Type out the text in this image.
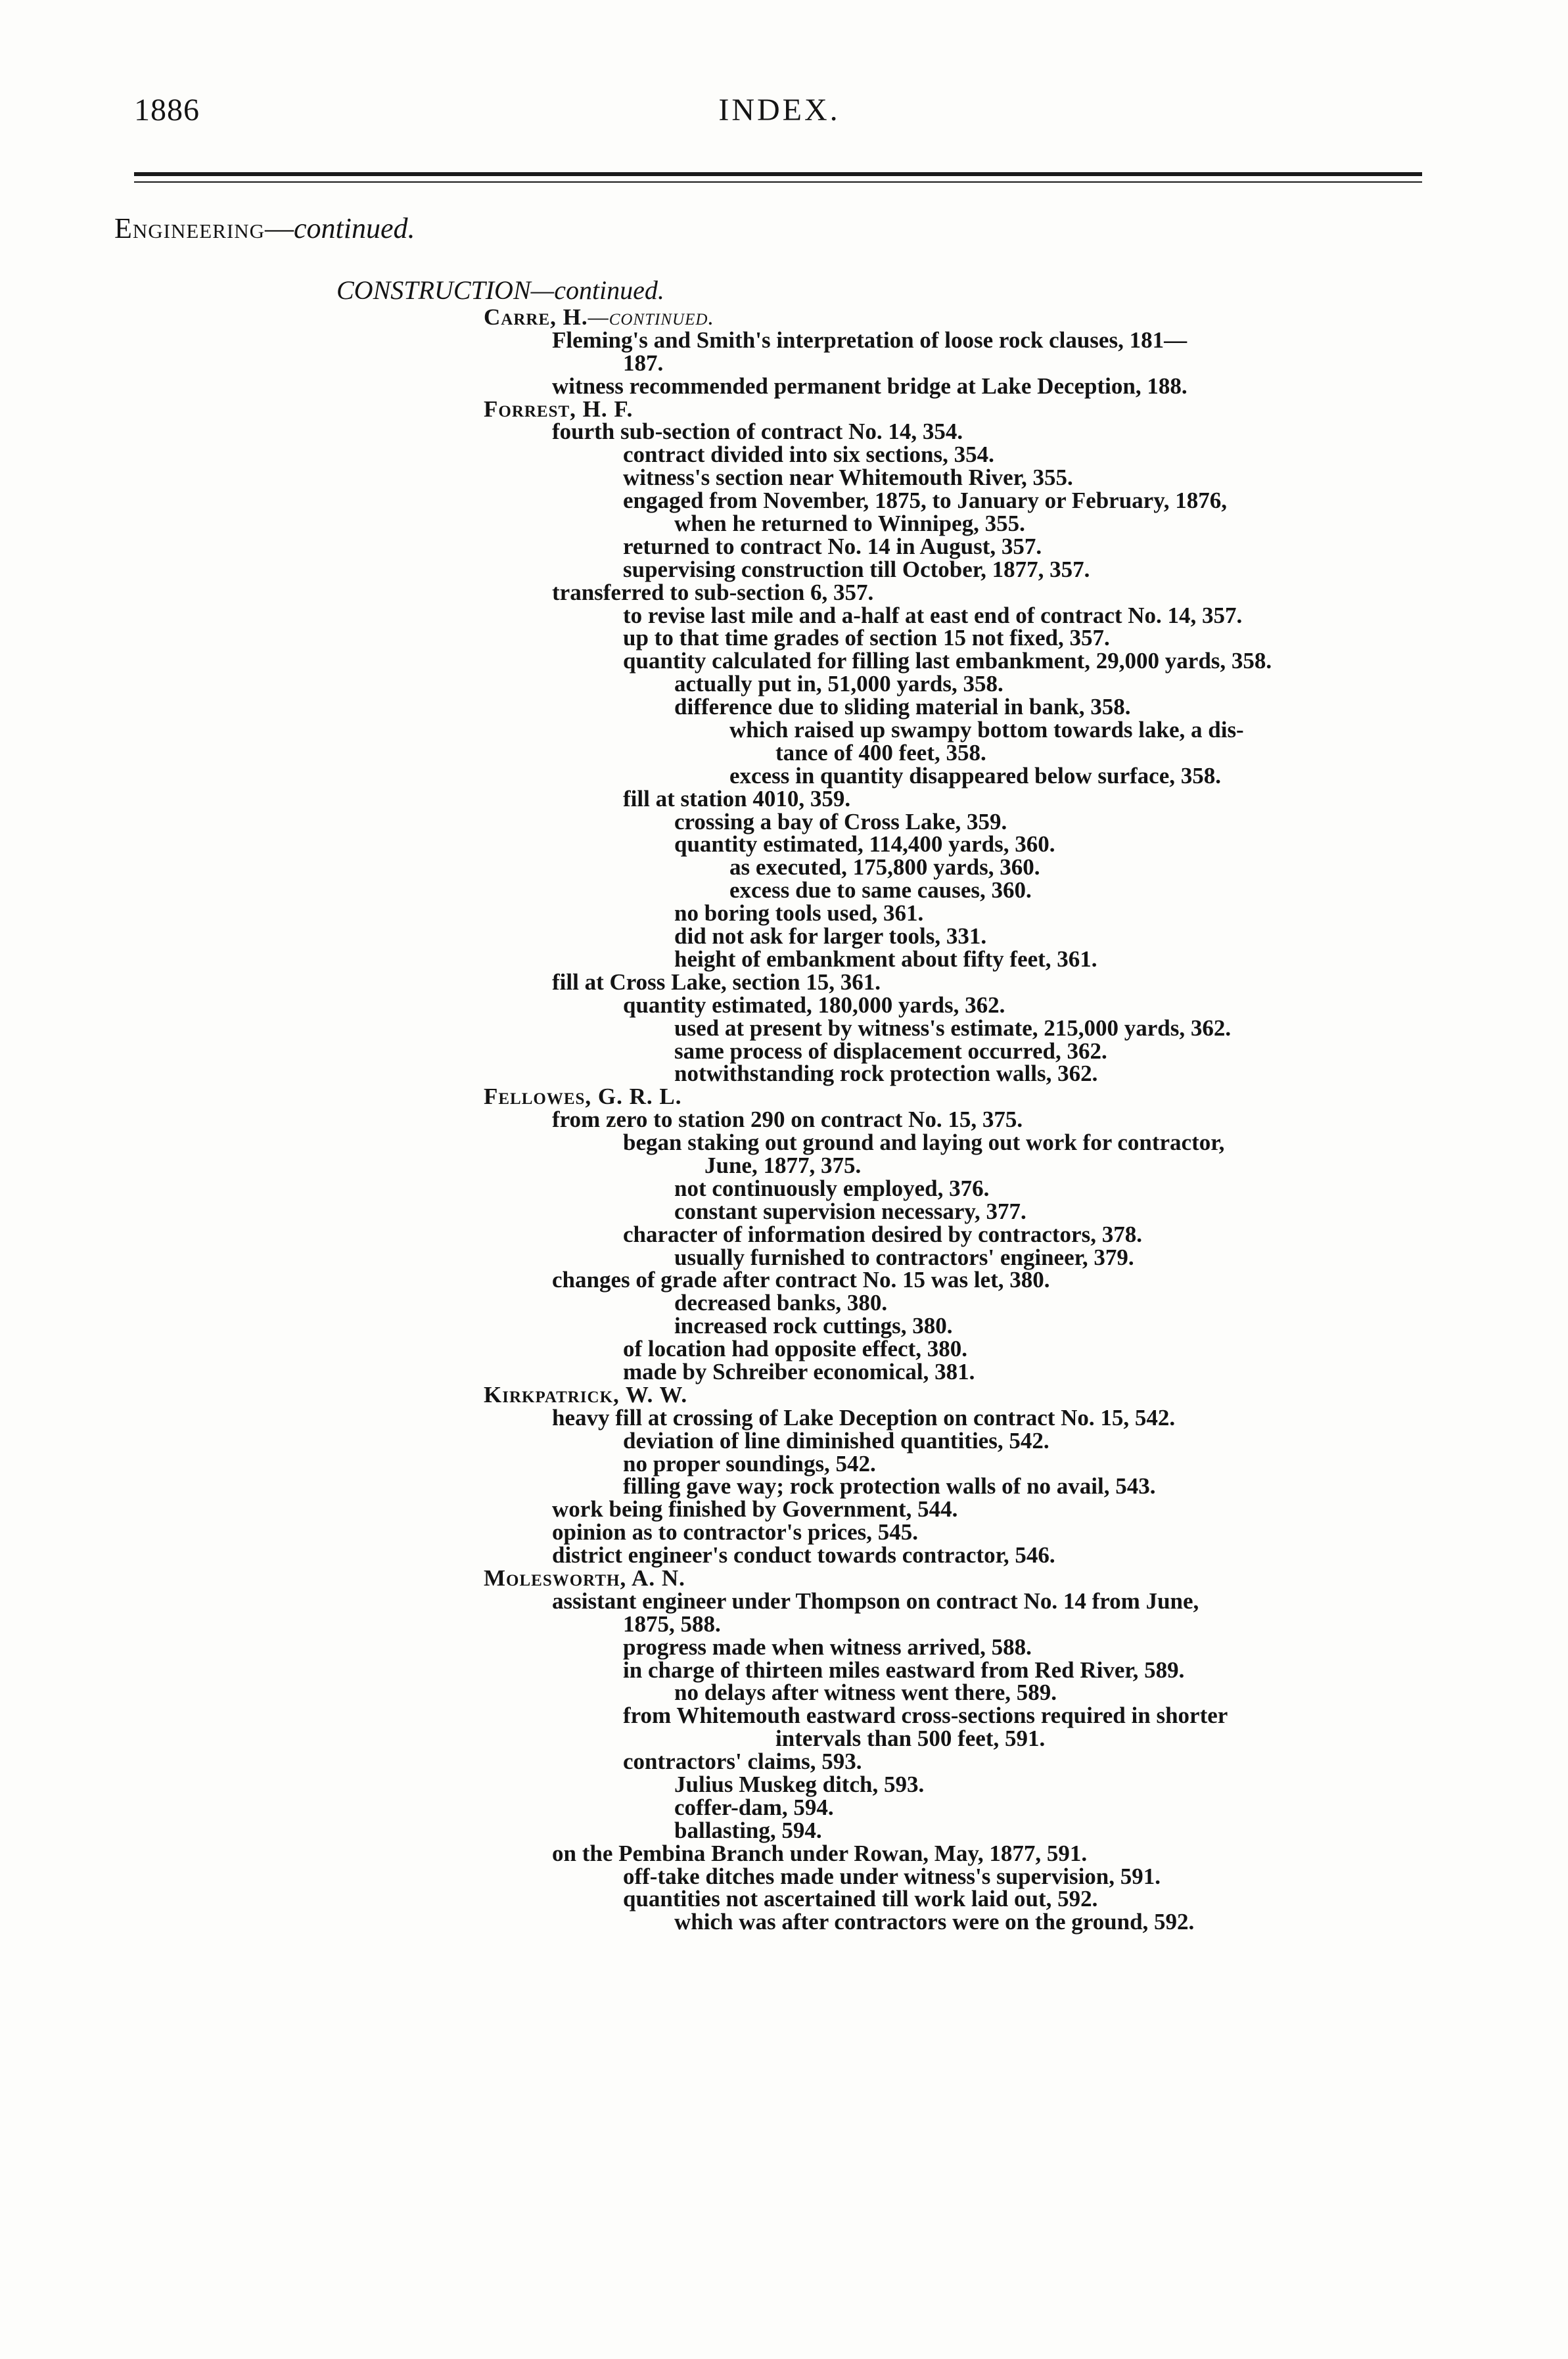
1886	INDEX.
Engineering—continued.
CONSTRUCTION—continued.
Carre, H.—continued.
Fleming's and Smith's interpretation of loose rock clauses, 181—
187.
witness recommended permanent bridge at Lake Deception, 188.
Forrest, H. F.
fourth sub-section of contract No. 14, 354.
contract divided into six sections, 354.
witness's section near Whitemouth River, 355.
engaged from November, 1875, to January or February, 1876,
when he returned to Winnipeg, 355.
returned to contract No. 14 in August, 357.
supervising construction till October, 1877, 357.
transferred to sub-section 6, 357.
to revise last mile and a-half at east end of contract No. 14, 357.
up to that time grades of section 15 not fixed, 357.
quantity calculated for filling last embankment, 29,000 yards, 358.
actually put in, 51,000 yards, 358.
difference due to sliding material in bank, 358.
which raised up swampy bottom towards lake, a dis-
tance of 400 feet, 358.
excess in quantity disappeared below surface, 358.
fill at station 4010, 359.
crossing a bay of Cross Lake, 359.
quantity estimated, 114,400 yards, 360.
as executed, 175,800 yards, 360.
excess due to same causes, 360.
no boring tools used, 361.
did not ask for larger tools, 331.
height of embankment about fifty feet, 361.
fill at Cross Lake, section 15, 361.
quantity estimated, 180,000 yards, 362.
used at present by witness's estimate, 215,000 yards, 362.
same process of displacement occurred, 362.
notwithstanding rock protection walls, 362.
Fellowes, G. R. L.
from zero to station 290 on contract No. 15, 375.
began staking out ground and laying out work for contractor,
June, 1877, 375.
not continuously employed, 376.
constant supervision necessary, 377.
character of information desired by contractors, 378.
usually furnished to contractors' engineer, 379.
changes of grade after contract No. 15 was let, 380.
decreased banks, 380.
increased rock cuttings, 380.
of location had opposite effect, 380.
made by Schreiber economical, 381.
Kirkpatrick, W. W.
heavy fill at crossing of Lake Deception on contract No. 15, 542.
deviation of line diminished quantities, 542.
no proper soundings, 542.
filling gave way; rock protection walls of no avail, 543.
work being finished by Government, 544.
opinion as to contractor's prices, 545.
district engineer's conduct towards contractor, 546.
Molesworth, A. N.
assistant engineer under Thompson on contract No. 14 from June,
1875, 588.
progress made when witness arrived, 588.
in charge of thirteen miles eastward from Red River, 589.
no delays after witness went there, 589.
from Whitemouth eastward cross-sections required in shorter
intervals than 500 feet, 591.
contractors' claims, 593.
Julius Muskeg ditch, 593.
coffer-dam, 594.
ballasting, 594.
on the Pembina Branch under Rowan, May, 1877, 591.
off-take ditches made under witness's supervision, 591.
quantities not ascertained till work laid out, 592.
which was after contractors were on the ground, 592.
